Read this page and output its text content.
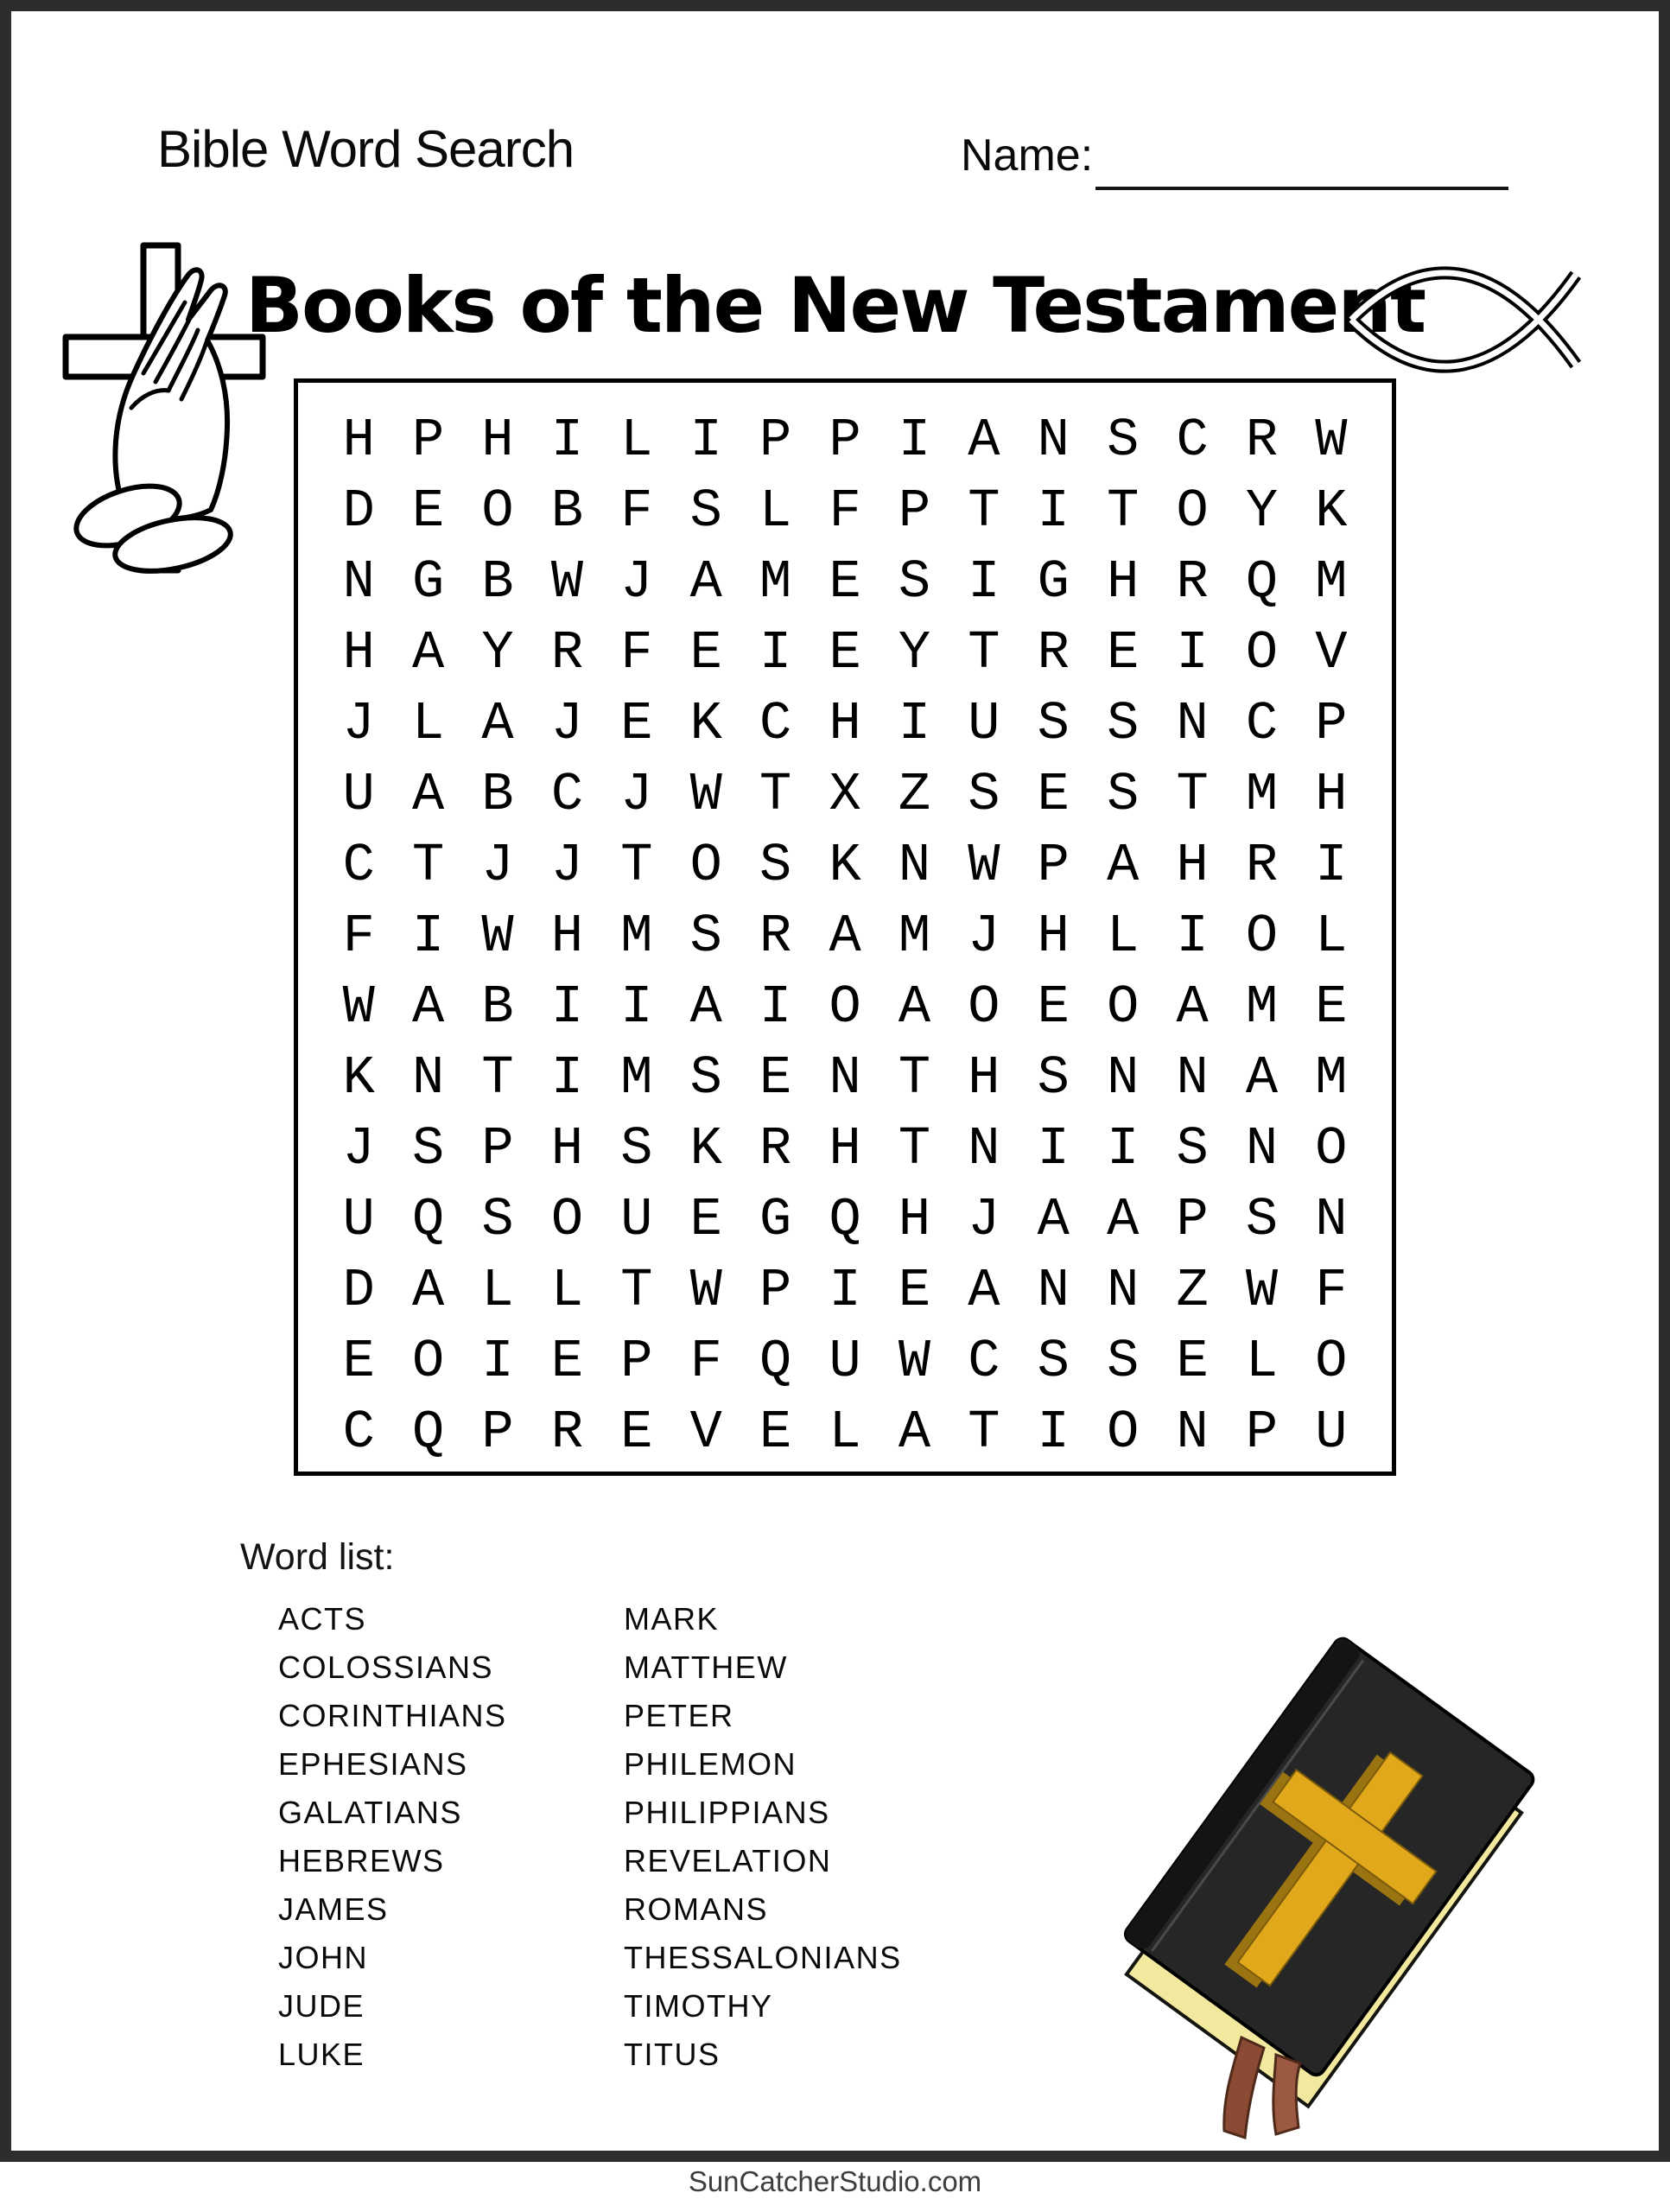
Bible Word Search	Name:
Books of the New Testament
H P H I L I P P I A N S C R W
D E O B F S L F P T I T O Y K
N G B W J A M E S I G H R Q M
H A Y R F E I E Y T R E I O V
J L A J E K C H I U S S N C P
U A B C J W T X Z S E S T M H
C T J J T O S K N W P A H R I
F I W H M S R A M J H L I O L
W A B I I A I O A O E O A M E
K N T I M S E N T H S N N A M
J S P H S K R H T N I I S N O
U Q S O U E G Q H J A A P S N
D A L L T W P I E A N N Z W F
E O I E P F Q U W C S S E L O
C Q P R E V E L A T I O N P U
Word list:
ACTS
COLOSSIANS
CORINTHIANS
EPHESIANS
GALATIANS
HEBREWS
JAMES
JOHN
JUDE
LUKE
MARK
MATTHEW
PETER
PHILEMON
PHILIPPIANS
REVELATION
ROMANS
THESSALONIANS
TIMOTHY
TITUS
SunCatcherStudio.com
